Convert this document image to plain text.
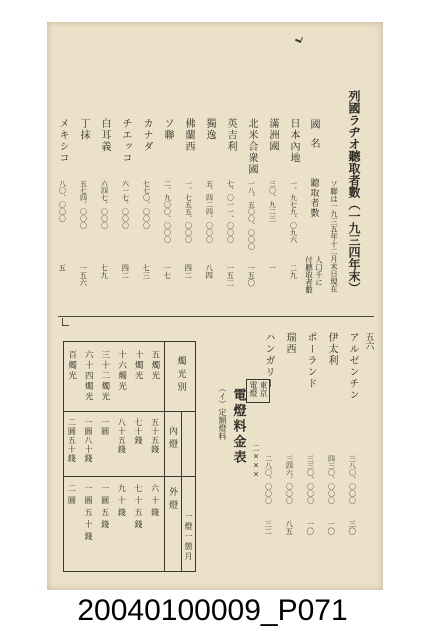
列國ラヂオ聽取者數（一九三四年末）
ソ聯は一九三五年十二月末日現在
國名
聽取者數
人口千に
付聽取者數
五六
電燈料金表
（イ）定額燈料	東京電燈
二×××
燭光別
內燈
外燈
一燈一箇月
20040100009_P071
日本內地
一、九七九、〇九六
二九
滿洲國
三〇、九二三
一
北米合衆國
一八、五〇〇、〇〇〇
一五〇
英吉利
七、〇一一、〇〇〇
一五二
獨逸
五、四二四、〇〇〇
八四
佛蘭西
一、七五五、〇〇〇
四二
ソ聯
二、九〇〇、〇〇〇
一七
カナダ
七七〇、〇〇〇
七三
チエッコ
六一七、〇〇〇
四二
白耳義
六四七、〇〇〇
七九
丁抹
五七四、〇〇〇
一五六
メキシコ
八〇、〇〇〇
五
アルゼンチン
三八〇、〇〇〇
三〇
伊太利
四三〇、〇〇〇
一〇
ポーランド
三三〇、〇〇〇
一〇
瑞西
三四六、〇〇〇
八五
ハンガリー
二八〇、〇〇〇
三二
五燭光
五十五錢
六十錢
十燭光
七十錢
七十五錢
十六燭光
八十五錢
九十錢
三十二燭光
一圓
一圓五錢
六十四燭光
一圓八十錢
一圓五十錢
百燭光
二圓五十錢
二圓
